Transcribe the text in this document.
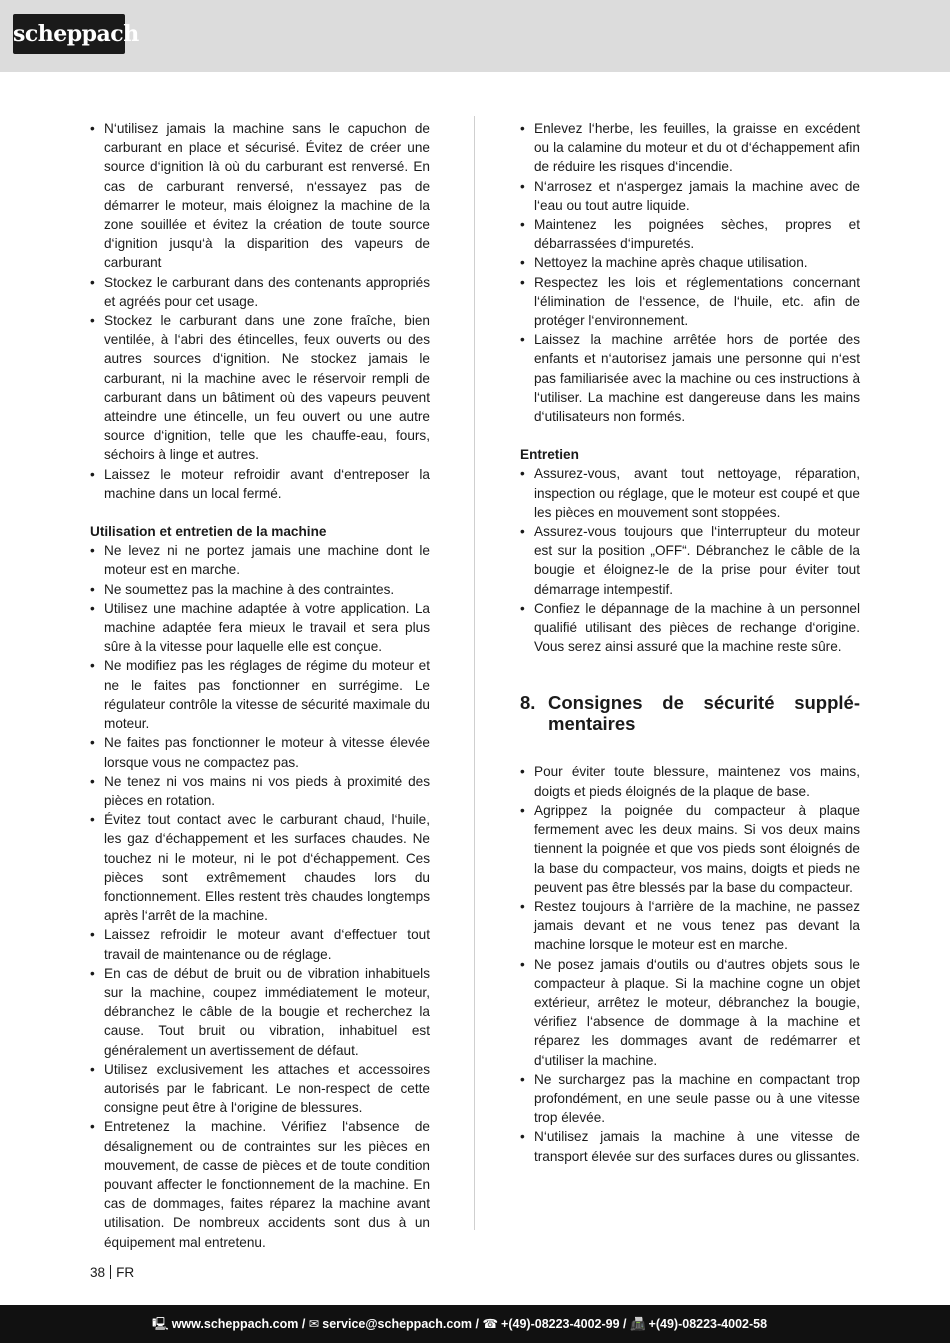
scheppach
• N‘utilisez jamais la machine sans le capuchon de carburant en place et sécurisé. Évitez de créer une source d‘ignition là où du carburant est renversé. En cas de carburant renversé, n‘essayez pas de démarrer le moteur, mais éloignez la machine de la zone souillée et évitez la création de toute source d‘ignition jusqu‘à la disparition des vapeurs de carburant
• Stockez le carburant dans des contenants appropriés et agréés pour cet usage.
• Stockez le carburant dans une zone fraîche, bien ventilée, à l‘abri des étincelles, feux ouverts ou des autres sources d‘ignition. Ne stockez jamais le carburant, ni la machine avec le réservoir rempli de carburant dans un bâtiment où des vapeurs peuvent atteindre une étincelle, un feu ouvert ou une autre source d‘ignition, telle que les chauffe-eau, fours, séchoirs à linge et autres.
• Laissez le moteur refroidir avant d‘entreposer la machine dans un local fermé.
Utilisation et entretien de la machine
• Ne levez ni ne portez jamais une machine dont le moteur est en marche.
• Ne soumettez pas la machine à des contraintes.
• Utilisez une machine adaptée à votre application. La machine adaptée fera mieux le travail et sera plus sûre à la vitesse pour laquelle elle est conçue.
• Ne modifiez pas les réglages de régime du moteur et ne le faites pas fonctionner en surrégime. Le régulateur contrôle la vitesse de sécurité maximale du moteur.
• Ne faites pas fonctionner le moteur à vitesse élevée lorsque vous ne compactez pas.
• Ne tenez ni vos mains ni vos pieds à proximité des pièces en rotation.
• Évitez tout contact avec le carburant chaud, l‘huile, les gaz d‘échappement et les surfaces chaudes. Ne touchez ni le moteur, ni le pot d‘échappement. Ces pièces sont extrêmement chaudes lors du fonctionnement. Elles restent très chaudes longtemps après l‘arrêt de la machine.
• Laissez refroidir le moteur avant d‘effectuer tout travail de maintenance ou de réglage.
• En cas de début de bruit ou de vibration inhabituels sur la machine, coupez immédiatement le moteur, débranchez le câble de la bougie et recherchez la cause. Tout bruit ou vibration, inhabituel est généralement un avertissement de défaut.
• Utilisez exclusivement les attaches et accessoires autorisés par le fabricant. Le non-respect de cette consigne peut être à l‘origine de blessures.
• Entretenez la machine. Vérifiez l‘absence de désalignement ou de contraintes sur les pièces en mouvement, de casse de pièces et de toute condition pouvant affecter le fonctionnement de la machine. En cas de dommages, faites réparez la machine avant utilisation. De nombreux accidents sont dus à un équipement mal entretenu.
• Enlevez l‘herbe, les feuilles, la graisse en excédent ou la calamine du moteur et du ot d‘échappement afin de réduire les risques d‘incendie.
• N‘arrosez et n‘aspergez jamais la machine avec de l‘eau ou tout autre liquide.
• Maintenez les poignées sèches, propres et débarrassées d‘impuretés.
• Nettoyez la machine après chaque utilisation.
• Respectez les lois et réglementations concernant l‘élimination de l‘essence, de l‘huile, etc. afin de protéger l‘environnement.
• Laissez la machine arrêtée hors de portée des enfants et n‘autorisez jamais une personne qui n‘est pas familiarisée avec la machine ou ces instructions à l‘utiliser. La machine est dangereuse dans les mains d‘utilisateurs non formés.
Entretien
• Assurez-vous, avant tout nettoyage, réparation, inspection ou réglage, que le moteur est coupé et que les pièces en mouvement sont stoppées.
• Assurez-vous toujours que l‘interrupteur du moteur est sur la position „OFF“. Débranchez le câble de la bougie et éloignez-le de la prise pour éviter tout démarrage intempestif.
• Confiez le dépannage de la machine à un personnel qualifié utilisant des pièces de rechange d‘origine. Vous serez ainsi assuré que la machine reste sûre.
8. Consignes de sécurité supplé-
mentaires
• Pour éviter toute blessure, maintenez vos mains, doigts et pieds éloignés de la plaque de base.
• Agrippez la poignée du compacteur à plaque fermement avec les deux mains. Si vos deux mains tiennent la poignée et que vos pieds sont éloignés de la base du compacteur, vos mains, doigts et pieds ne peuvent pas être blessés par la base du compacteur.
• Restez toujours à l‘arrière de la machine, ne passez jamais devant et ne vous tenez pas devant la machine lorsque le moteur est en marche.
• Ne posez jamais d‘outils ou d‘autres objets sous le compacteur à plaque. Si la machine cogne un objet extérieur, arrêtez le moteur, débranchez la bougie, vérifiez l‘absence de dommage à la machine et réparez les dommages avant de redémarrer et d‘utiliser la machine.
• Ne surchargez pas la machine en compactant trop profondément, en une seule passe ou à une vitesse trop élevée.
• N‘utilisez jamais la machine à une vitesse de transport élevée sur des surfaces dures ou glissantes.
38 FR
🖳 www.scheppach.com / ✉ service@scheppach.com / ☎ +(49)-08223-4002-99 / 📠 +(49)-08223-4002-58
